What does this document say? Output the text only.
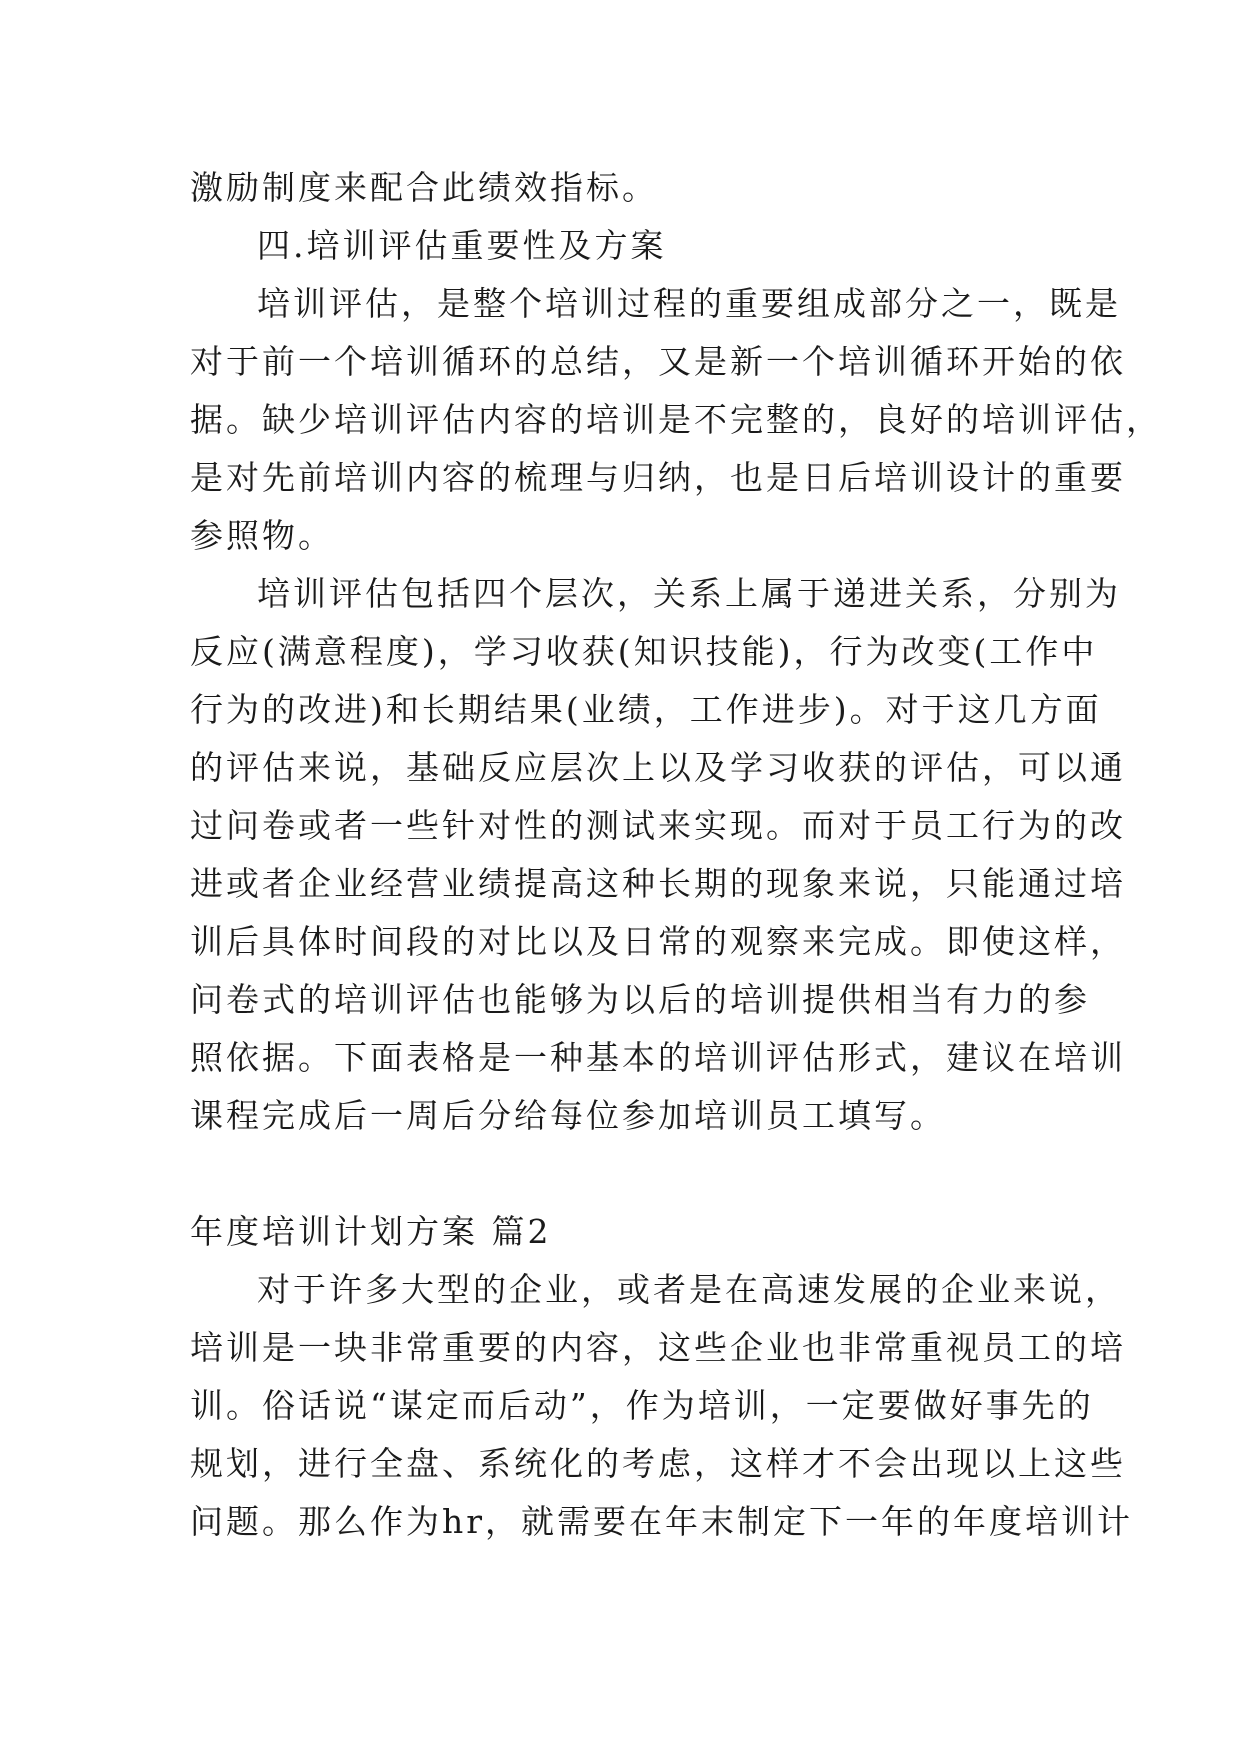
激励制度来配合此绩效指标。
四.培训评估重要性及方案
培训评估，是整个培训过程的重要组成部分之一，既是
对于前一个培训循环的总结，又是新一个培训循环开始的依
据。缺少培训评估内容的培训是不完整的，良好的培训评估，
是对先前培训内容的梳理与归纳，也是日后培训设计的重要
参照物。
培训评估包括四个层次，关系上属于递进关系，分别为
反应(满意程度)，学习收获(知识技能)，行为改变(工作中
行为的改进)和长期结果(业绩，工作进步)。对于这几方面
的评估来说，基础反应层次上以及学习收获的评估，可以通
过问卷或者一些针对性的测试来实现。而对于员工行为的改
进或者企业经营业绩提高这种长期的现象来说，只能通过培
训后具体时间段的对比以及日常的观察来完成。即使这样，
问卷式的培训评估也能够为以后的培训提供相当有力的参
照依据。下面表格是一种基本的培训评估形式，建议在培训
课程完成后一周后分给每位参加培训员工填写。
年度培训计划方案 篇2
对于许多大型的企业，或者是在高速发展的企业来说，
培训是一块非常重要的内容，这些企业也非常重视员工的培
训。俗话说“谋定而后动”，作为培训，一定要做好事先的
规划，进行全盘、系统化的考虑，这样才不会出现以上这些
问题。那么作为hr，就需要在年末制定下一年的年度培训计
